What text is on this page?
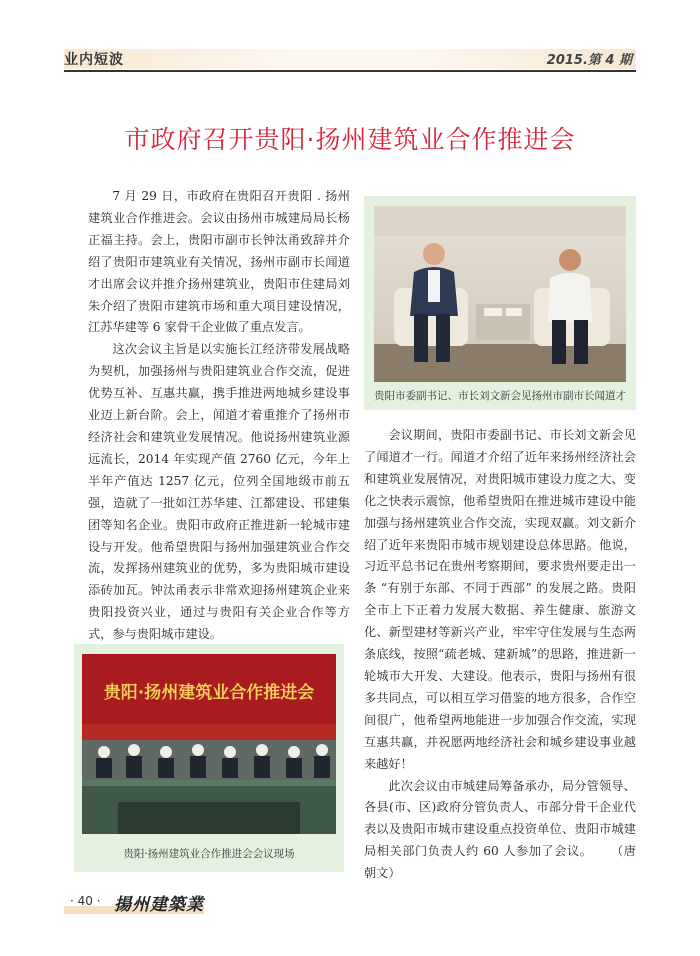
业内短波	2015.第 4 期
市政府召开贵阳·扬州建筑业合作推进会

7 月 29 日，市政府在贵阳召开贵阳 . 扬州建筑业合作推进会。会议由扬州市城建局局长杨正福主持。会上，贵阳市副市长钟汰甬致辞并介绍了贵阳市建筑业有关情况，扬州市副市长闻道才出席会议并推介扬州建筑业，贵阳市住建局刘朱介绍了贵阳市建筑市场和重大项目建设情况，江苏华建等 6 家骨干企业做了重点发言。

这次会议主旨是以实施长江经济带发展战略为契机，加强扬州与贵阳建筑业合作交流，促进优势互补、互惠共赢，携手推进两地城乡建设事业迈上新台阶。会上，闻道才着重推介了扬州市经济社会和建筑业发展情况。他说扬州建筑业源远流长，2014 年实现产值 2760 亿元，今年上半年产值达 1257 亿元，位列全国地级市前五强，造就了一批如江苏华建、江都建设、邗建集团等知名企业。贵阳市政府正推进新一轮城市建设与开发。他希望贵阳与扬州加强建筑业合作交流，发挥扬州建筑业的优势，多为贵阳城市建设添砖加瓦。钟汰甬表示非常欢迎扬州建筑企业来贵阳投资兴业，通过与贵阳有关企业合作等方式，参与贵阳城市建设。

贵阳市委副书记、市长刘文新会见扬州市副市长闻道才

会议期间，贵阳市委副书记、市长刘文新会见了闻道才一行。闻道才介绍了近年来扬州经济社会和建筑业发展情况，对贵阳城市建设力度之大、变化之快表示震惊，他希望贵阳在推进城市建设中能加强与扬州建筑业合作交流，实现双赢。刘文新介绍了近年来贵阳市城市规划建设总体思路。他说，习近平总书记在贵州考察期间，要求贵州要走出一条 “有别于东部、不同于西部” 的发展之路。贵阳全市上下正着力发展大数据、养生健康、旅游文化、新型建材等新兴产业，牢牢守住发展与生态两条底线，按照“疏老城、建新城”的思路，推进新一轮城市大开发、大建设。他表示，贵阳与扬州有很多共同点，可以相互学习借鉴的地方很多，合作空间很广，他希望两地能进一步加强合作交流，实现互惠共赢，并祝愿两地经济社会和城乡建设事业越来越好！

此次会议由市城建局筹备承办，局分管领导、各县(市、区)政府分管负责人、市部分骨干企业代表以及贵阳市城市建设重点投资单位、贵阳市城建局相关部门负责人约 60 人参加了会议。 （唐朝文）

贵阳·扬州建筑业合作推进会
贵阳·扬州建筑业合作推进会会议现场
· 40 · 揚州建築業
